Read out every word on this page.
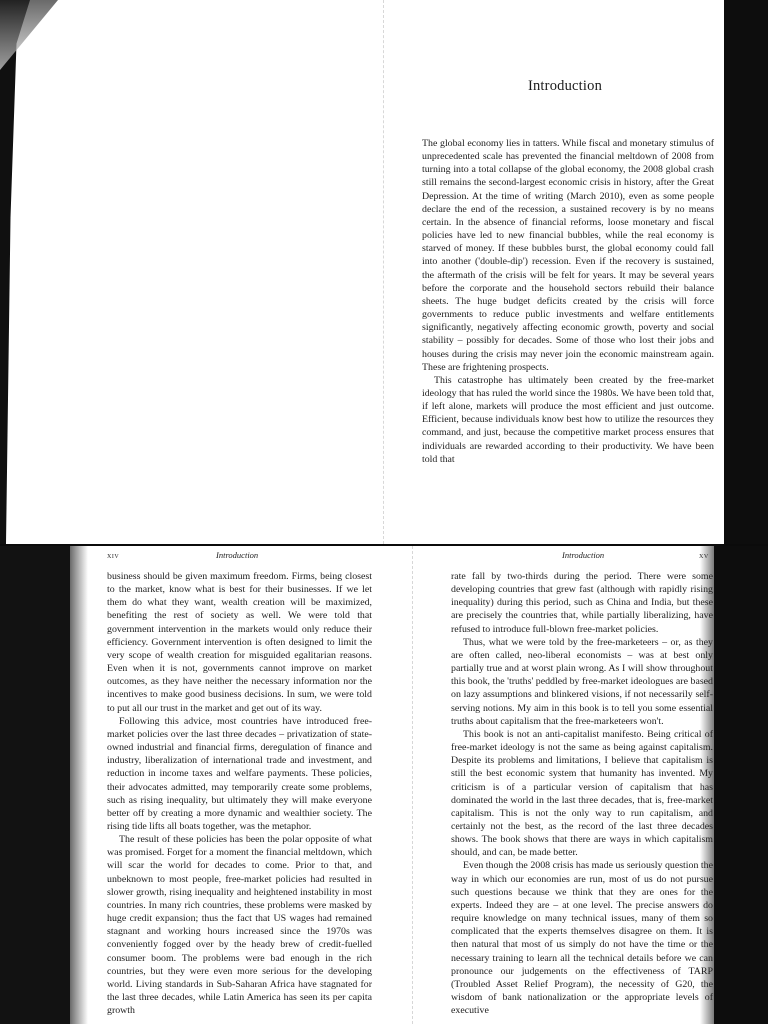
Introduction

The global economy lies in tatters. While fiscal and monetary stimulus of unprecedented scale has prevented the financial meltdown of 2008 from turning into a total collapse of the global economy, the 2008 global crash still remains the second-largest economic crisis in history, after the Great Depression. At the time of writing (March 2010), even as some people declare the end of the recession, a sustained recovery is by no means certain. In the absence of financial reforms, loose monetary and fiscal policies have led to new financial bubbles, while the real economy is starved of money. If these bubbles burst, the global economy could fall into another ('double-dip') recession. Even if the recovery is sustained, the aftermath of the crisis will be felt for years. It may be several years before the corporate and the household sectors rebuild their balance sheets. The huge budget deficits created by the crisis will force governments to reduce public investments and welfare entitlements significantly, negatively affecting economic growth, poverty and social stability – possibly for decades. Some of those who lost their jobs and houses during the crisis may never join the economic mainstream again. These are frightening prospects.

This catastrophe has ultimately been created by the free-market ideology that has ruled the world since the 1980s. We have been told that, if left alone, markets will produce the most efficient and just outcome. Efficient, because individuals know best how to utilize the resources they command, and just, because the competitive market process ensures that individuals are rewarded according to their productivity. We have been told that

xiv	Introduction	Introduction	xv

business should be given maximum freedom. Firms, being closest to the market, know what is best for their businesses. If we let them do what they want, wealth creation will be maximized, benefiting the rest of society as well. We were told that government intervention in the markets would only reduce their efficiency. Government intervention is often designed to limit the very scope of wealth creation for misguided egalitarian reasons. Even when it is not, governments cannot improve on market outcomes, as they have neither the necessary information nor the incentives to make good business decisions. In sum, we were told to put all our trust in the market and get out of its way.

Following this advice, most countries have introduced free-market policies over the last three decades – privatization of state-owned industrial and financial firms, deregulation of finance and industry, liberalization of international trade and investment, and reduction in income taxes and welfare payments. These policies, their advocates admitted, may temporarily create some problems, such as rising inequality, but ultimately they will make everyone better off by creating a more dynamic and wealthier society. The rising tide lifts all boats together, was the metaphor.

The result of these policies has been the polar opposite of what was promised. Forget for a moment the financial meltdown, which will scar the world for decades to come. Prior to that, and unbeknown to most people, free-market policies had resulted in slower growth, rising inequality and heightened instability in most countries. In many rich countries, these problems were masked by huge credit expansion; thus the fact that US wages had remained stagnant and working hours increased since the 1970s was conveniently fogged over by the heady brew of credit-fuelled consumer boom. The problems were bad enough in the rich countries, but they were even more serious for the developing world. Living standards in Sub-Saharan Africa have stagnated for the last three decades, while Latin America has seen its per capita growth

rate fall by two-thirds during the period. There were some developing countries that grew fast (although with rapidly rising inequality) during this period, such as China and India, but these are precisely the countries that, while partially liberalizing, have refused to introduce full-blown free-market policies.

Thus, what we were told by the free-marketeers – or, as they are often called, neo-liberal economists – was at best only partially true and at worst plain wrong. As I will show throughout this book, the 'truths' peddled by free-market ideologues are based on lazy assumptions and blinkered visions, if not necessarily self-serving notions. My aim in this book is to tell you some essential truths about capitalism that the free-marketeers won't.

This book is not an anti-capitalist manifesto. Being critical of free-market ideology is not the same as being against capitalism. Despite its problems and limitations, I believe that capitalism is still the best economic system that humanity has invented. My criticism is of a particular version of capitalism that has dominated the world in the last three decades, that is, free-market capitalism. This is not the only way to run capitalism, and certainly not the best, as the record of the last three decades shows. The book shows that there are ways in which capitalism should, and can, be made better.

Even though the 2008 crisis has made us seriously question the way in which our economies are run, most of us do not pursue such questions because we think that they are ones for the experts. Indeed they are – at one level. The precise answers do require knowledge on many technical issues, many of them so complicated that the experts themselves disagree on them. It is then natural that most of us simply do not have the time or the necessary training to learn all the technical details before we can pronounce our judgements on the effectiveness of TARP (Troubled Asset Relief Program), the necessity of G20, the wisdom of bank nationalization or the appropriate levels of executive
